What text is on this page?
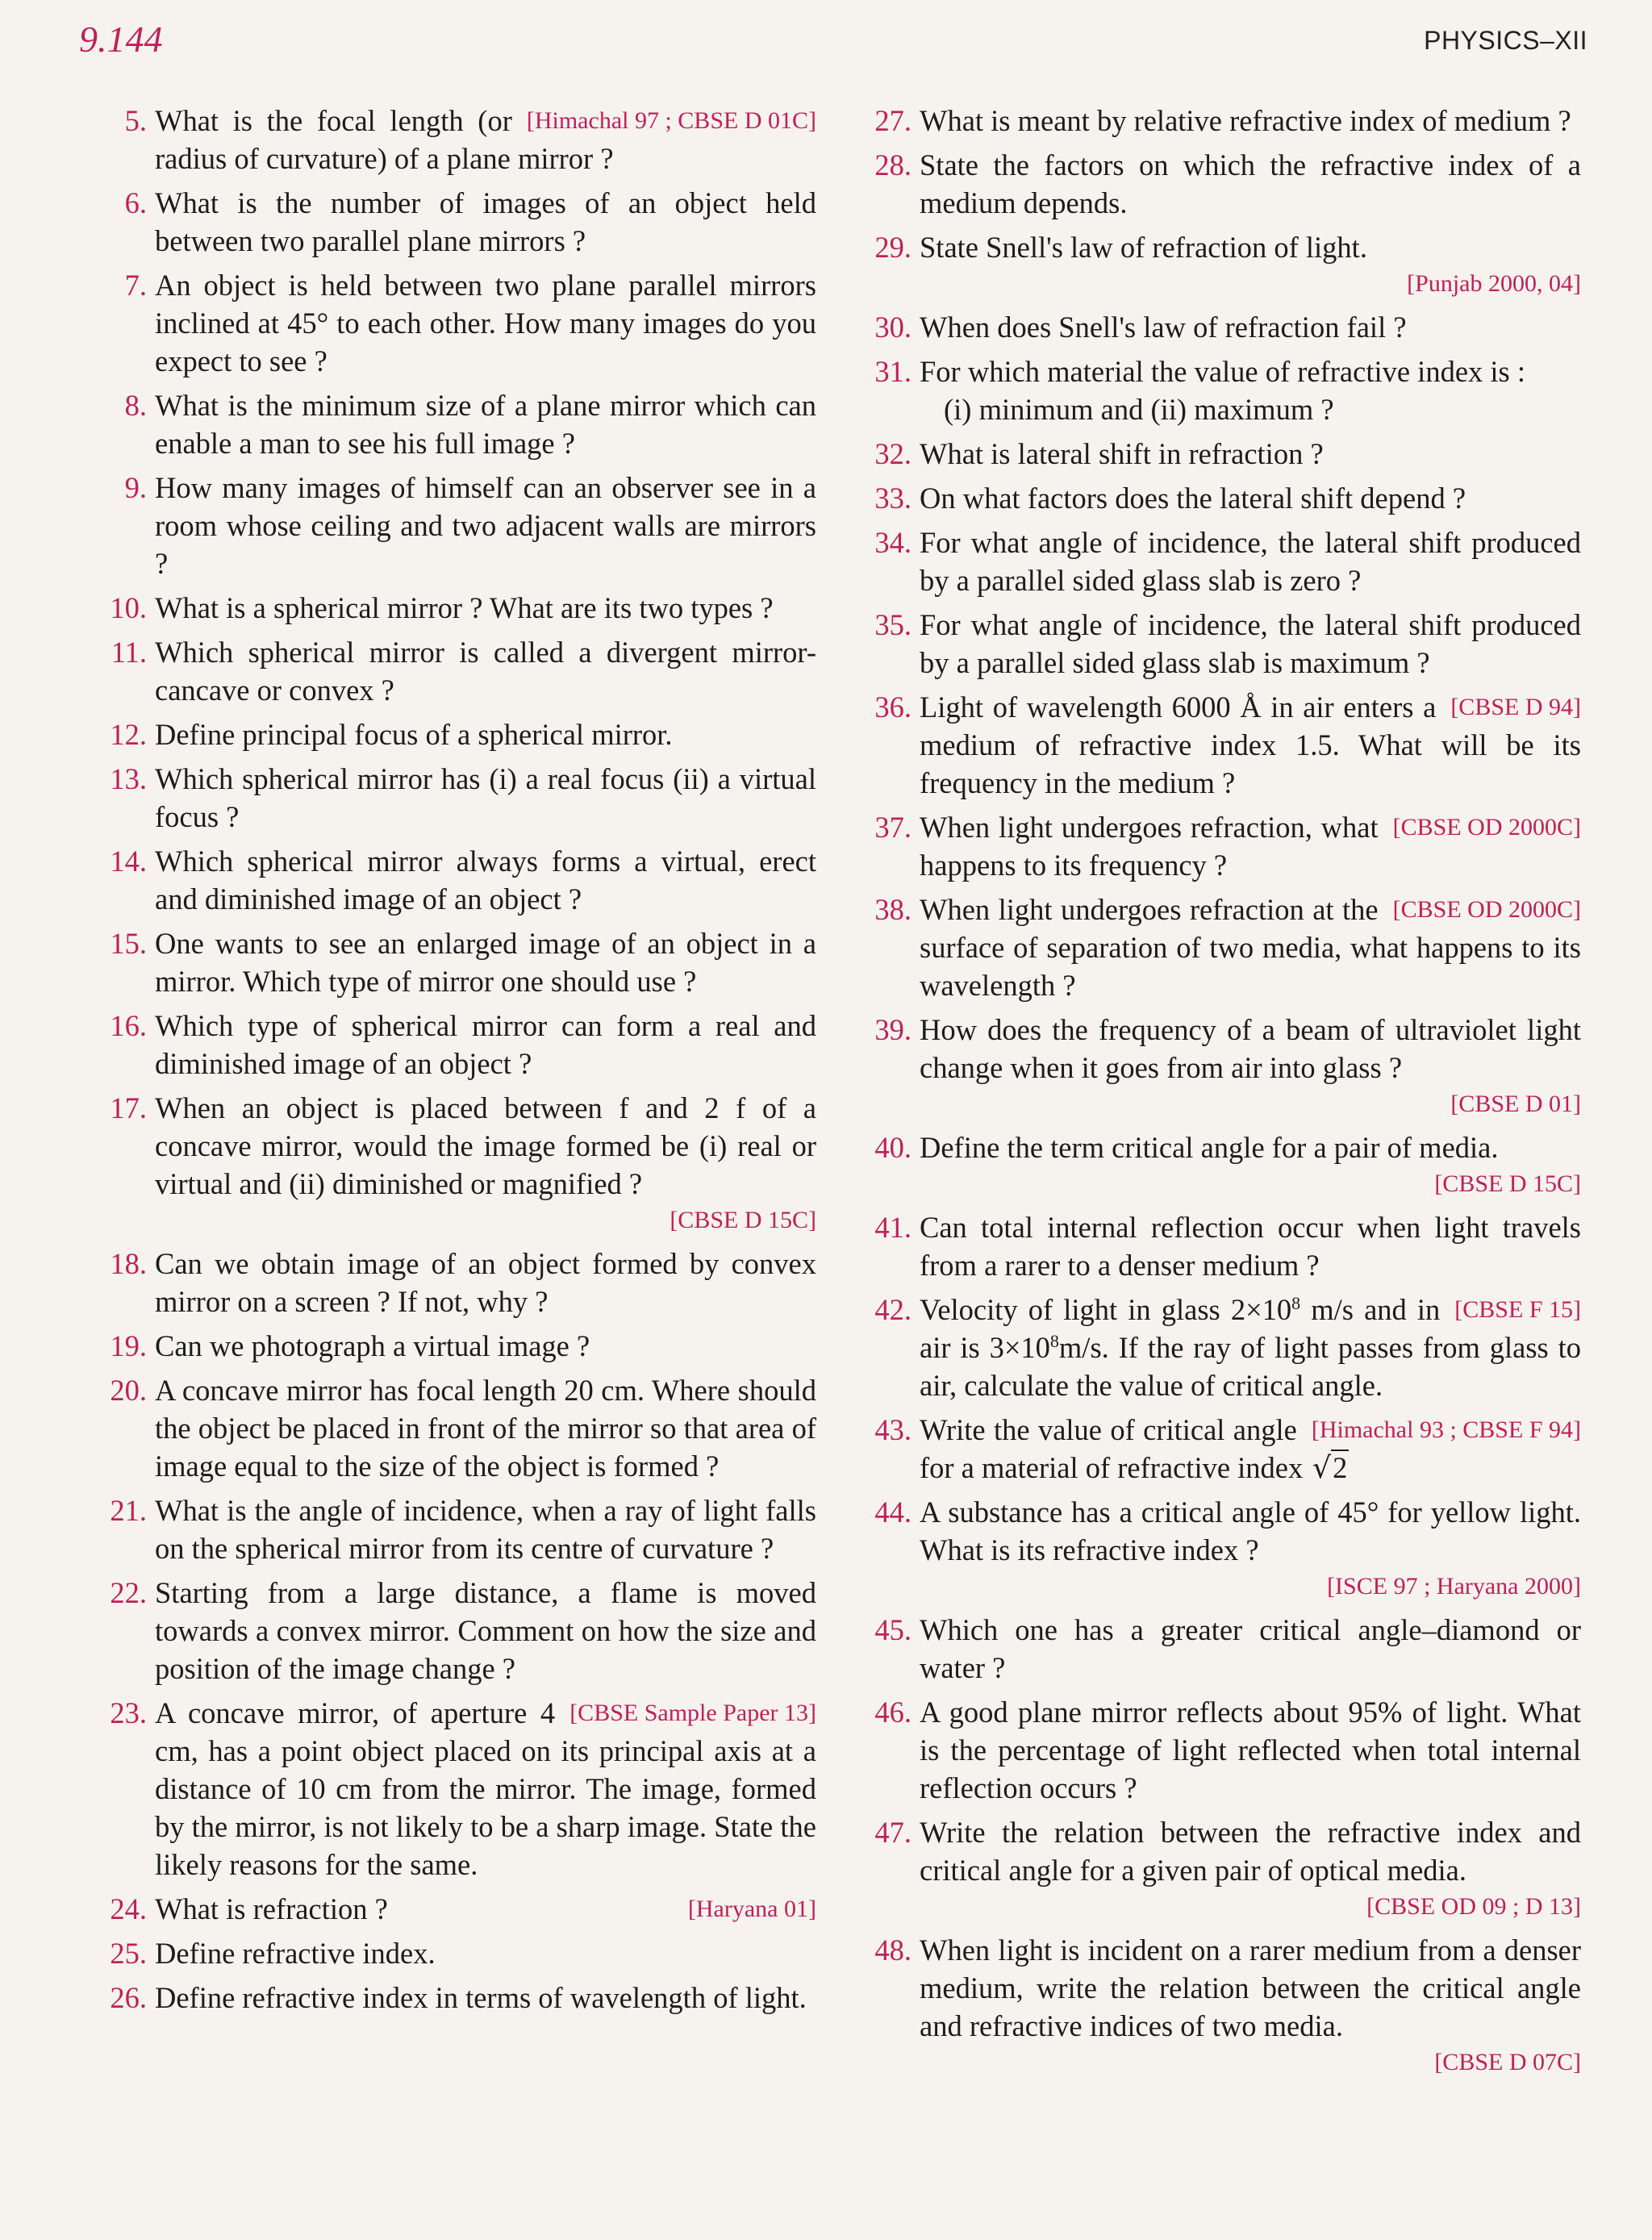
9.144	PHYSICS–XII
5.	[Himachal 97 ; CBSE D 01C]
What is the focal length (or radius of curvature) of a plane mirror ?
6. What is the number of images of an object held between two parallel plane mirrors ?
7. An object is held between two plane parallel mirrors inclined at 45° to each other. How many images do you expect to see ?
8. What is the minimum size of a plane mirror which can enable a man to see his full image ?
9. How many images of himself can an observer see in a room whose ceiling and two adjacent walls are mirrors ?
10. What is a spherical mirror ? What are its two types ?
11. Which spherical mirror is called a divergent mirror-cancave or convex ?
12. Define principal focus of a spherical mirror.
13. Which spherical mirror has (i) a real focus (ii) a virtual focus ?
14. Which spherical mirror always forms a virtual, erect and diminished image of an object ?
15. One wants to see an enlarged image of an object in a mirror. Which type of mirror one should use ?
16. Which type of spherical mirror can form a real and diminished image of an object ?
17. When an object is placed between f and 2 f of a concave mirror, would the image formed be (i) real or virtual and (ii) diminished or magnified ?
[CBSE D 15C]
18. Can we obtain image of an object formed by convex mirror on a screen ? If not, why ?
19. Can we photograph a virtual image ?
20. A concave mirror has focal length 20 cm. Where should the object be placed in front of the mirror so that area of image equal to the size of the object is formed ?
21. What is the angle of incidence, when a ray of light falls on the spherical mirror from its centre of curvature ?
22. Starting from a large distance, a flame is moved towards a convex mirror. Comment on how the size and position of the image change ?
23.	[CBSE Sample Paper 13]
A concave mirror, of aperture 4 cm, has a point object placed on its principal axis at a distance of 10 cm from the mirror. The image, formed by the mirror, is not likely to be a sharp image. State the likely reasons for the same.
24.	[Haryana 01]
What is refraction ?
25. Define refractive index.
26. Define refractive index in terms of wavelength of light.
27. What is meant by relative refractive index of medium ?
28. State the factors on which the refractive index of a medium depends.
29. State Snell's law of refraction of light.
[Punjab 2000, 04]
30. When does Snell's law of refraction fail ?
31. For which material the value of refractive index is :
(i) minimum and (ii) maximum ?
32. What is lateral shift in refraction ?
33. On what factors does the lateral shift depend ?
34. For what angle of incidence, the lateral shift produced by a parallel sided glass slab is zero ?
35. For what angle of incidence, the lateral shift produced by a parallel sided glass slab is maximum ?
36.	[CBSE D 94]
Light of wavelength 6000 Å in air enters a medium of refractive index 1.5. What will be its frequency in the medium ?
37.	[CBSE OD 2000C]
When light undergoes refraction, what happens to its frequency ?
38.	[CBSE OD 2000C]
When light undergoes refraction at the surface of separation of two media, what happens to its wavelength ?
39. How does the frequency of a beam of ultraviolet light change when it goes from air into glass ?
[CBSE D 01]
40. Define the term critical angle for a pair of media.
[CBSE D 15C]
41. Can total internal reflection occur when light travels from a rarer to a denser medium ?
42.	[CBSE F 15]
Velocity of light in glass $2\times 10^8$ m/s and in air is $3\times 10^8m/s$. If the ray of light passes from glass to air, calculate the value of critical angle.
43.	[Himachal 93 ; CBSE F 94]
Write the value of critical angle for a material of refractive index √2
44. A substance has a critical angle of 45° for yellow light. What is its refractive index ?
[ISCE 97 ; Haryana 2000]
45. Which one has a greater critical angle–diamond or water ?
46. A good plane mirror reflects about 95% of light. What is the percentage of light reflected when total internal reflection occurs ?
47. Write the relation between the refractive index and critical angle for a given pair of optical media.
[CBSE OD 09 ; D 13]
48. When light is incident on a rarer medium from a denser medium, write the relation between the critical angle and refractive indices of two media.
[CBSE D 07C]
